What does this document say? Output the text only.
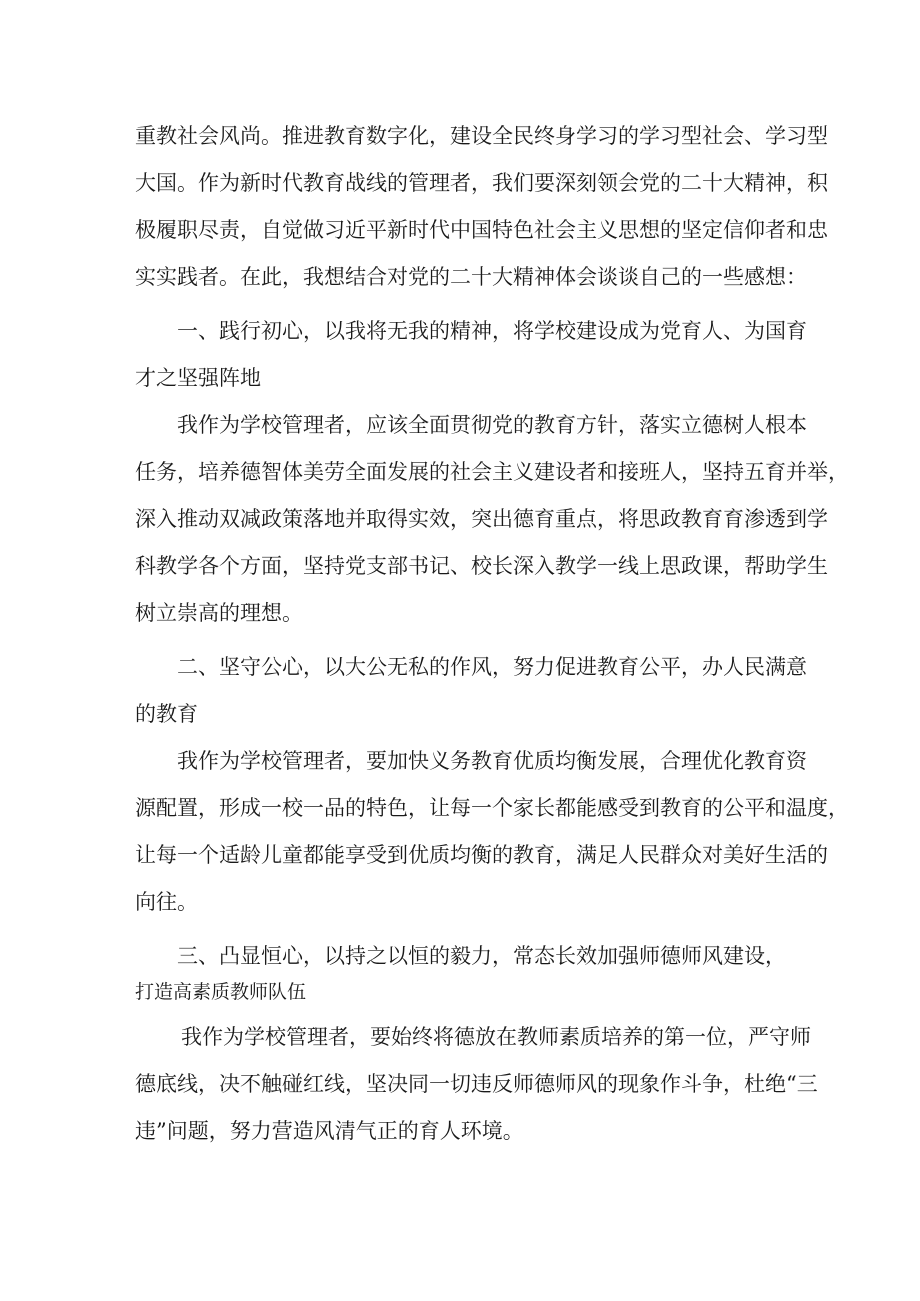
重教社会风尚。推进教育数字化，建设全民终身学习的学习型社会、学习型
大国。作为新时代教育战线的管理者，我们要深刻领会党的二十大精神，积
极履职尽责，自觉做习近平新时代中国特色社会主义思想的坚定信仰者和忠
实实践者。在此，我想结合对党的二十大精神体会谈谈自己的一些感想：
一、践行初心，以我将无我的精神，将学校建设成为党育人、为国育
才之坚强阵地
我作为学校管理者，应该全面贯彻党的教育方针，落实立德树人根本
任务，培养德智体美劳全面发展的社会主义建设者和接班人，坚持五育并举，
深入推动双减政策落地并取得实效，突出德育重点，将思政教育育渗透到学
科教学各个方面，坚持党支部书记、校长深入教学一线上思政课，帮助学生
树立崇高的理想。
二、坚守公心，以大公无私的作风，努力促进教育公平，办人民满意
的教育
我作为学校管理者，要加快义务教育优质均衡发展，合理优化教育资
源配置，形成一校一品的特色，让每一个家长都能感受到教育的公平和温度，
让每一个适龄儿童都能享受到优质均衡的教育，满足人民群众对美好生活的
向往。
三、凸显恒心，以持之以恒的毅力，常态长效加强师德师风建设，
打造高素质教师队伍
我作为学校管理者，要始终将德放在教师素质培养的第一位，严守师
德底线，决不触碰红线，坚决同一切违反师德师风的现象作斗争，杜绝“三
违”问题，努力营造风清气正的育人环境。
